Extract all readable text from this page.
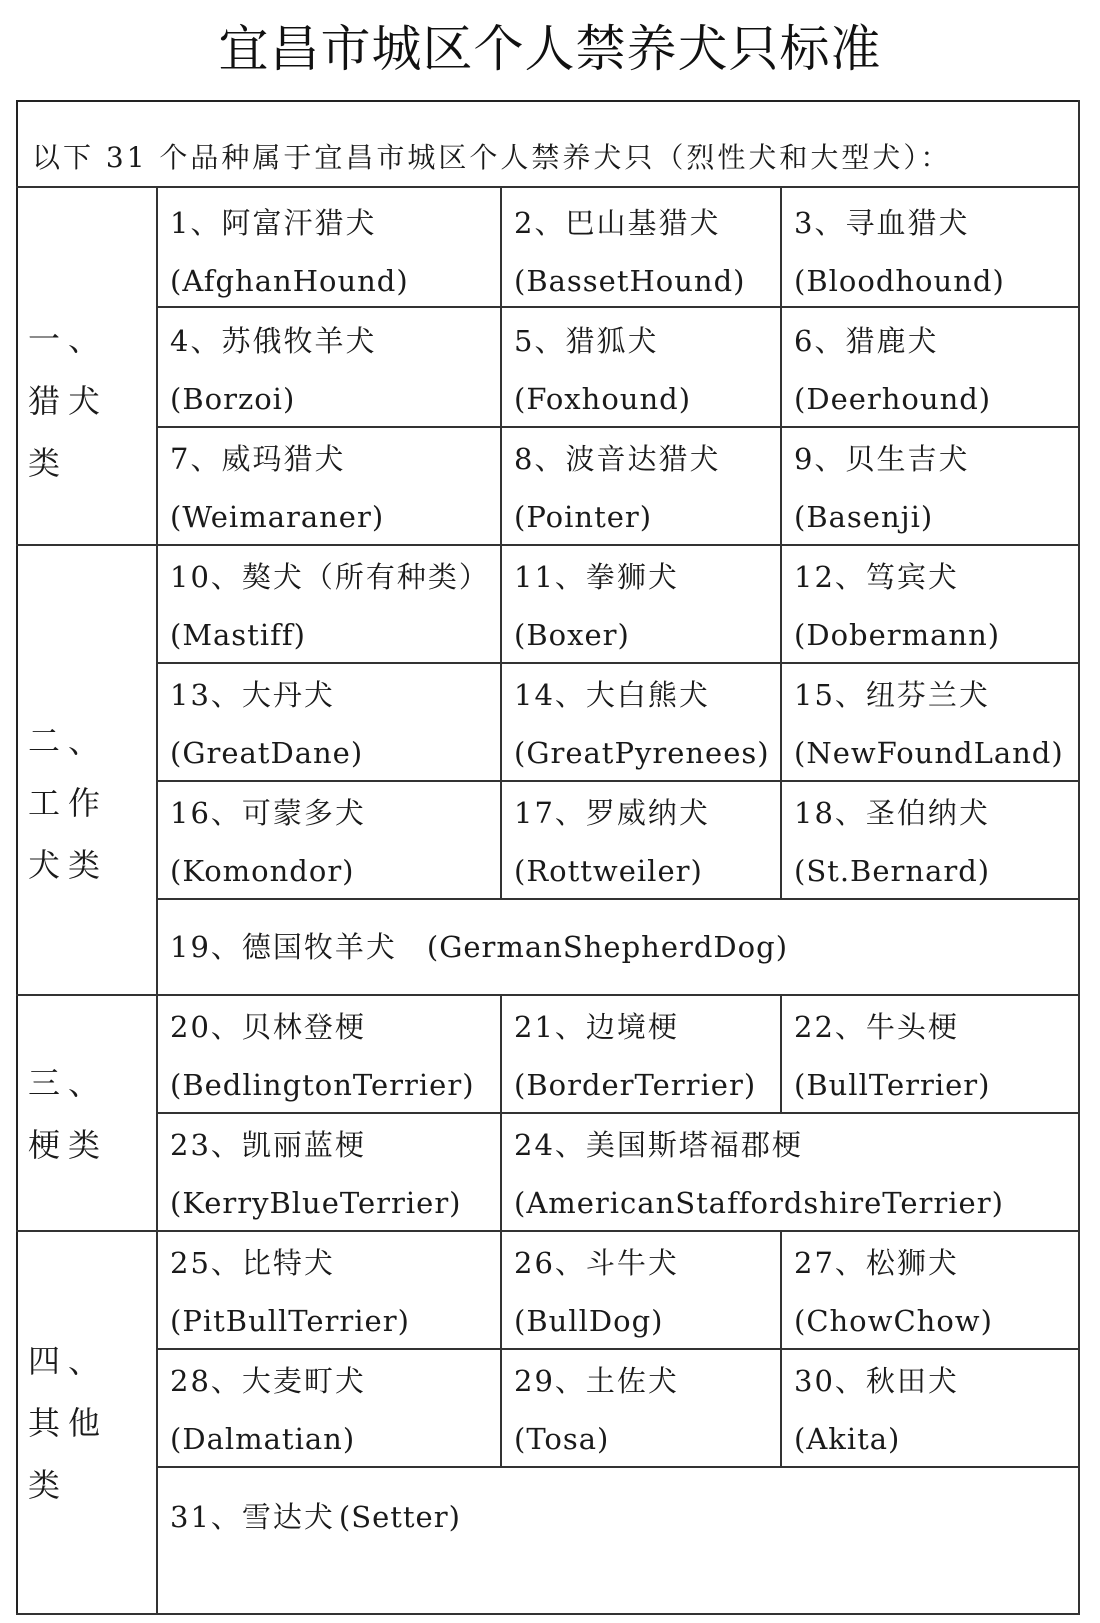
宜昌市城区个人禁养犬只标准
以下 31 个品种属于宜昌市城区个人禁养犬只（烈性犬和大型犬）：
一、猎犬类
二、工作犬类
三、梗类
四、其他类
1、阿富汗猎犬
(AfghanHound)
2、巴山基猎犬
(BassetHound)
3、寻血猎犬
(Bloodhound)
4、苏俄牧羊犬
(Borzoi)
5、猎狐犬
(Foxhound)
6、猎鹿犬
(Deerhound)
7、威玛猎犬
(Weimaraner)
8、波音达猎犬
(Pointer)
9、贝生吉犬
(Basenji)
10、獒犬（所有种类）
(Mastiff)
11、拳狮犬
(Boxer)
12、笃宾犬
(Dobermann)
13、大丹犬
(GreatDane)
14、大白熊犬
(GreatPyrenees)
15、纽芬兰犬
(NewFoundLand)
16、可蒙多犬
(Komondor)
17、罗威纳犬
(Rottweiler)
18、圣伯纳犬
(St.Bernard)
19、德国牧羊犬 (GermanShepherdDog)
20、贝林登梗
(BedlingtonTerrier)
21、边境梗
(BorderTerrier)
22、牛头梗
(BullTerrier)
23、凯丽蓝梗
(KerryBlueTerrier)
24、美国斯塔福郡梗
(AmericanStaffordshireTerrier)
25、比特犬
(PitBullTerrier)
26、斗牛犬
(BullDog)
27、松狮犬
(ChowChow)
28、大麦町犬
(Dalmatian)
29、土佐犬
(Tosa)
30、秋田犬
(Akita)
31、雪达犬 (Setter)
